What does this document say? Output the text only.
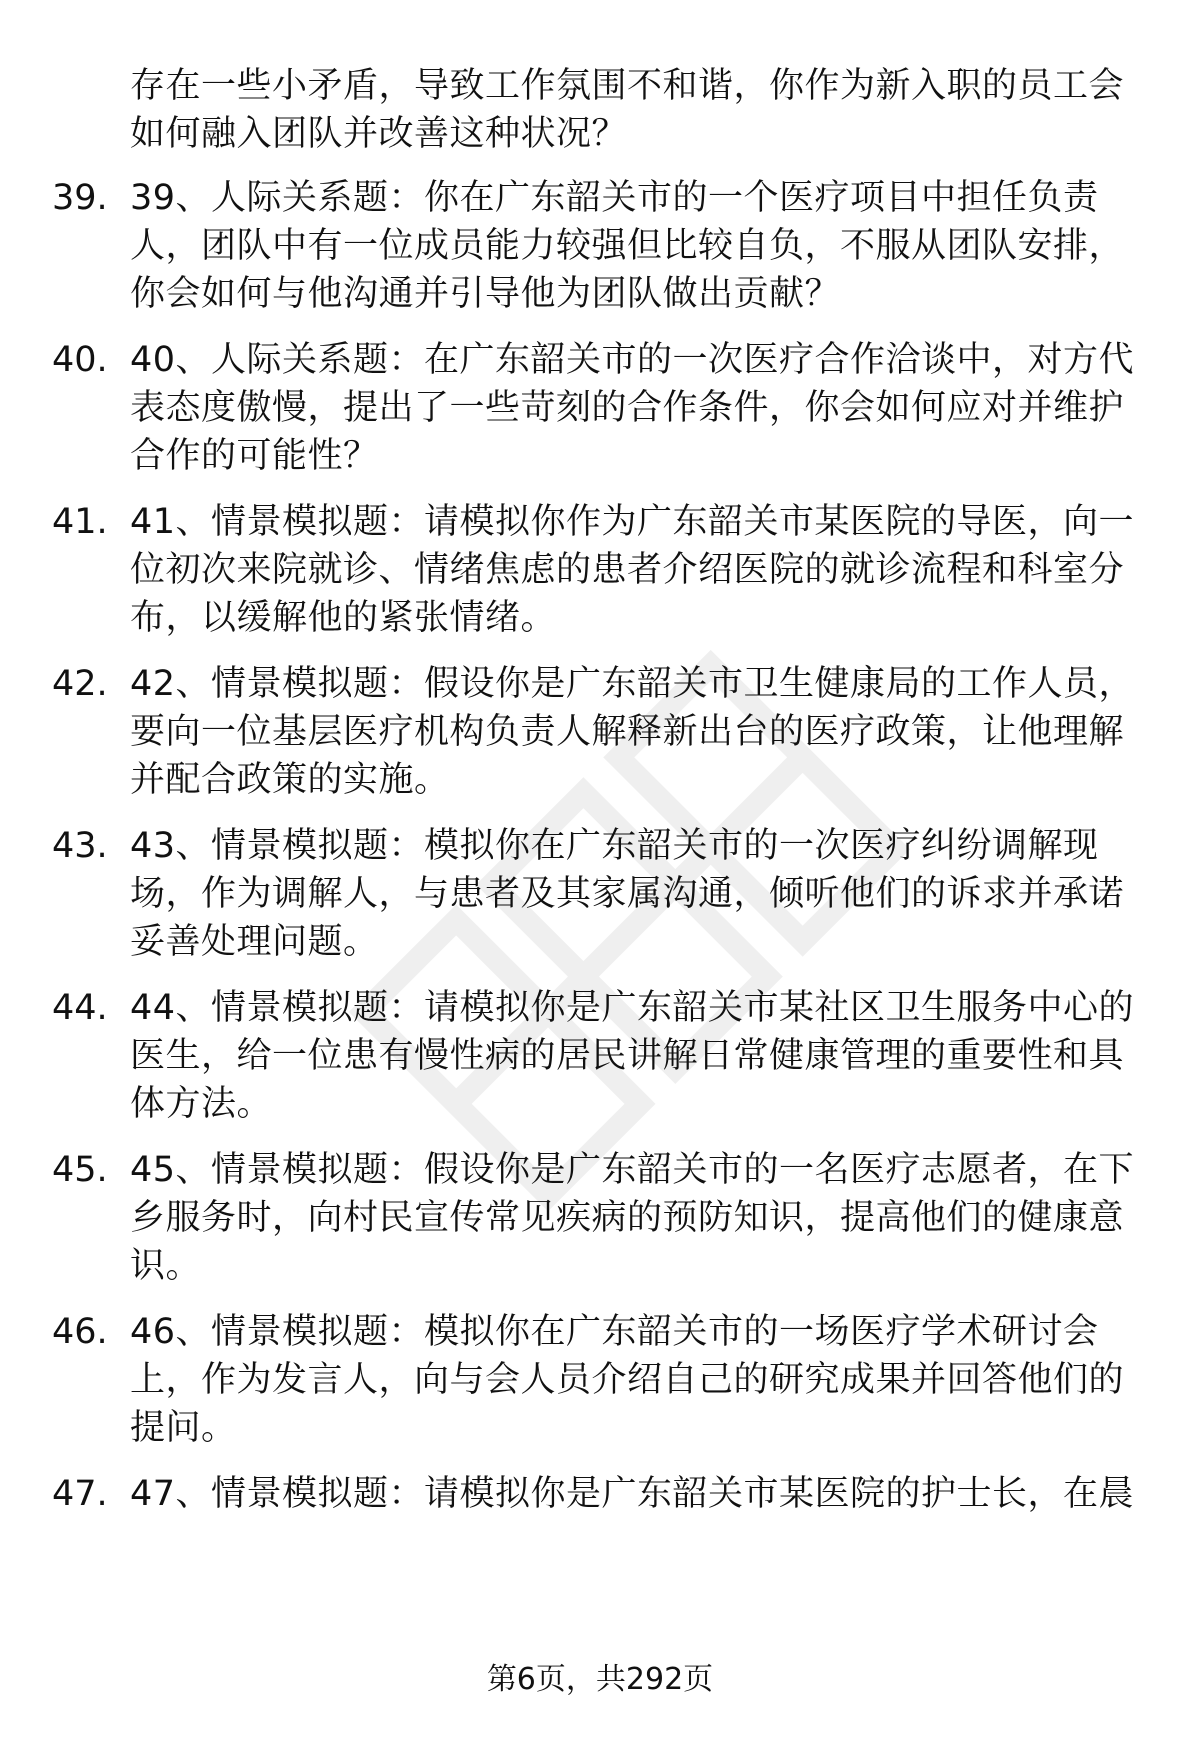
存在一些小矛盾，导致工作氛围不和谐，你作为新入职的员工会如何融入团队并改善这种状况？
39. 39、人际关系题：你在广东韶关市的一个医疗项目中担任负责人，团队中有一位成员能力较强但比较自负，不服从团队安排，你会如何与他沟通并引导他为团队做出贡献？
40. 40、人际关系题：在广东韶关市的一次医疗合作洽谈中，对方代表态度傲慢，提出了一些苛刻的合作条件，你会如何应对并维护合作的可能性？
41. 41、情景模拟题：请模拟你作为广东韶关市某医院的导医，向一位初次来院就诊、情绪焦虑的患者介绍医院的就诊流程和科室分布，以缓解他的紧张情绪。
42. 42、情景模拟题：假设你是广东韶关市卫生健康局的工作人员，要向一位基层医疗机构负责人解释新出台的医疗政策，让他理解并配合政策的实施。
43. 43、情景模拟题：模拟你在广东韶关市的一次医疗纠纷调解现场，作为调解人，与患者及其家属沟通，倾听他们的诉求并承诺妥善处理问题。
44. 44、情景模拟题：请模拟你是广东韶关市某社区卫生服务中心的医生，给一位患有慢性病的居民讲解日常健康管理的重要性和具体方法。
45. 45、情景模拟题：假设你是广东韶关市的一名医疗志愿者，在下乡服务时，向村民宣传常见疾病的预防知识，提高他们的健康意识。
46. 46、情景模拟题：模拟你在广东韶关市的一场医疗学术研讨会上，作为发言人，向与会人员介绍自己的研究成果并回答他们的提问。
47. 47、情景模拟题：请模拟你是广东韶关市某医院的护士长，在晨
第6页，共292页
